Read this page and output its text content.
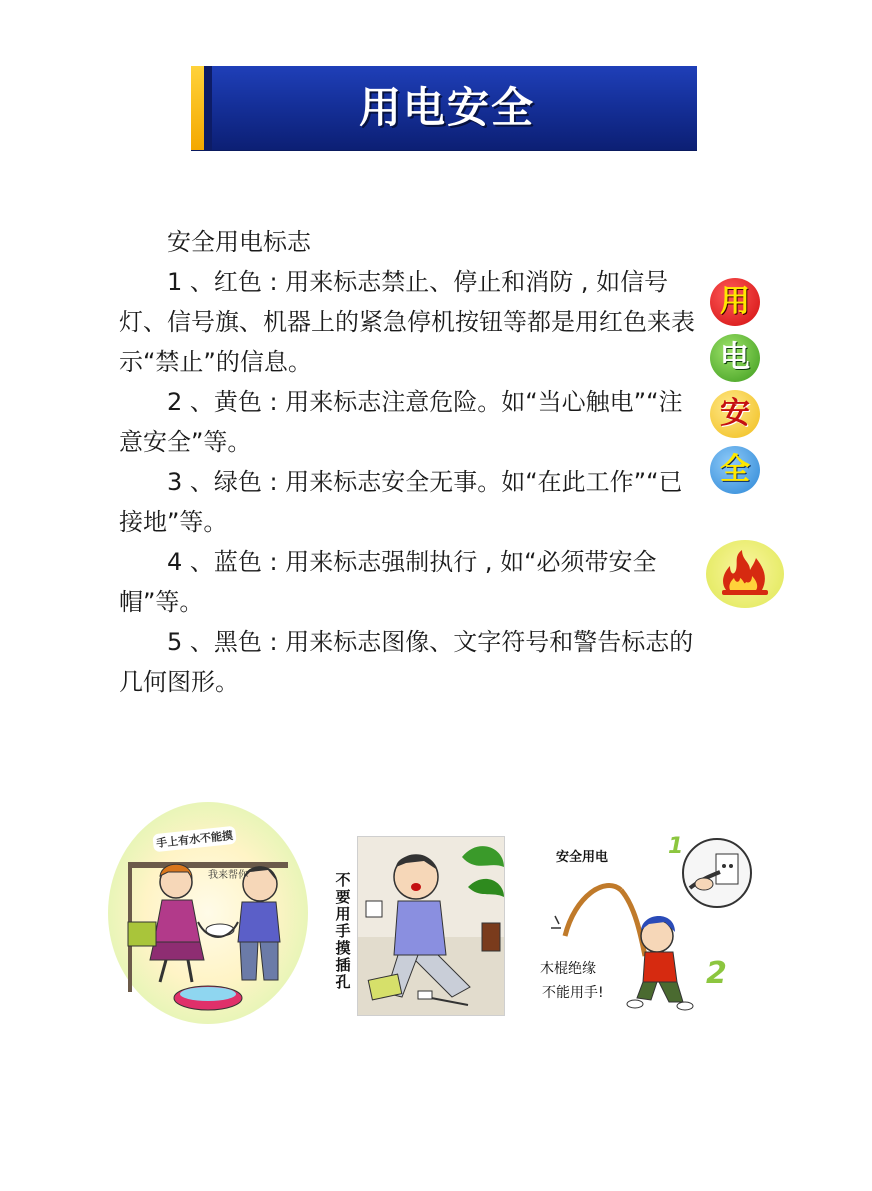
用电安全

安全用电标志

1 、红色 : 用来标志禁止、停止和消防 , 如信号灯、信号旗、机器上的紧急停机按钮等都是用红色来表示“禁止”的信息。

2 、黄色 : 用来标志注意危险。如“当心触电”“注意安全”等。

3 、绿色 : 用来标志安全无事。如“在此工作”“已接地”等。

4 、蓝色 : 用来标志强制执行 , 如“必须带安全帽”等。

5 、黑色 : 用来标志图像、文字符号和警告标志的几何图形。

用
电
安
全
手上有水不能摸
我来帮你	不要用手摸插孔
安全用电	1
2
木棍绝缘
不能用手!
